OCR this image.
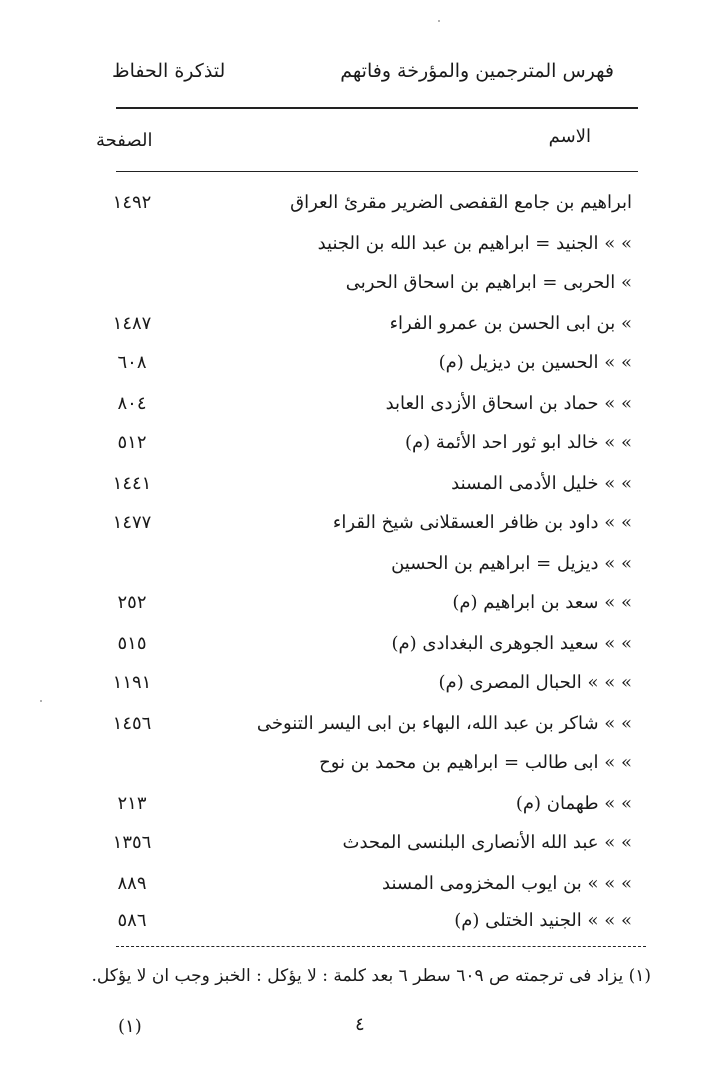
فهرس المترجمين والمؤرخة وفاتهم
لتذكرة الحفاظ
الاسم
الصفحة
ابراهيم بن جامع القفصى الضرير مقرئ العراق
١٤٩٢
» » الجنيد = ابراهيم بن عبد الله بن الجنيد
» الحربى = ابراهيم بن اسحاق الحربى
» بن ابى الحسن بن عمرو الفراء
١٤٨٧
» » الحسين بن ديزيل (م)
٦٠٨
» » حماد بن اسحاق الأزدى العابد
٨٠٤
» » خالد ابو ثور احد الأئمة (م)
٥١٢
» » خليل الأدمى المسند
١٤٤١
» » داود بن ظافر العسقلانى شيخ القراء
١٤٧٧
» » ديزيل = ابراهيم بن الحسين
» » سعد بن ابراهيم (م)
٢٥٢
» » سعيد الجوهرى البغدادى (م)
٥١٥
» » » الحبال المصرى (م)
١١٩١
» » شاكر بن عبد الله، البهاء بن ابى اليسر التنوخى
١٤٥٦
» » ابى طالب = ابراهيم بن محمد بن نوح
» » طهمان (م)
٢١٣
» » عبد الله الأنصارى البلنسى المحدث
١٣٥٦
» » » بن ايوب المخزومى المسند
٨٨٩
» » » الجنيد الختلى (م)
٥٨٦
(١) يزاد فى ترجمته ص ٦٠٩ سطر ٦ بعد كلمة : لا يؤكل : الخبز وجب ان لا يؤكل.
٤
(١)
